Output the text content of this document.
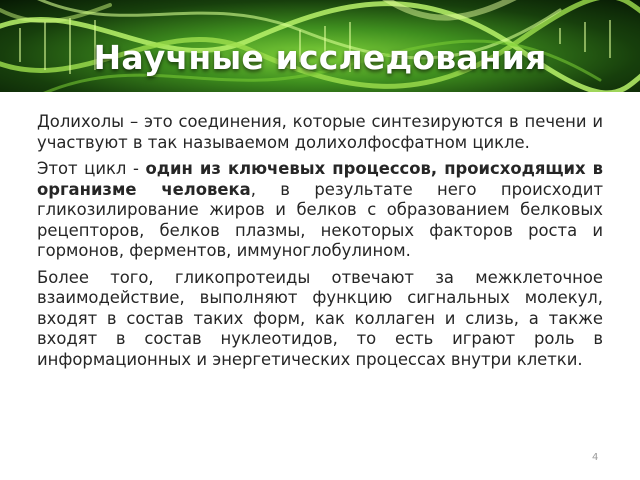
Научные исследования

Долихолы – это соединения, которые синтезируются в печени и участвуют в так называемом долихолфосфатном цикле.

Этот цикл - один из ключевых процессов, происходящих в организме человека, в результате него происходит гликозилирование жиров и белков с образованием белковых рецепторов, белков плазмы, некоторых факторов роста и гормонов, ферментов, иммуноглобулином.

Более того, гликопротеиды отвечают за межклеточное взаимодействие, выполняют функцию сигнальных молекул, входят в состав таких форм, как коллаген и слизь, а также входят в состав нуклеотидов, то есть играют роль в информационных и энергетических процессах внутри клетки.

4
